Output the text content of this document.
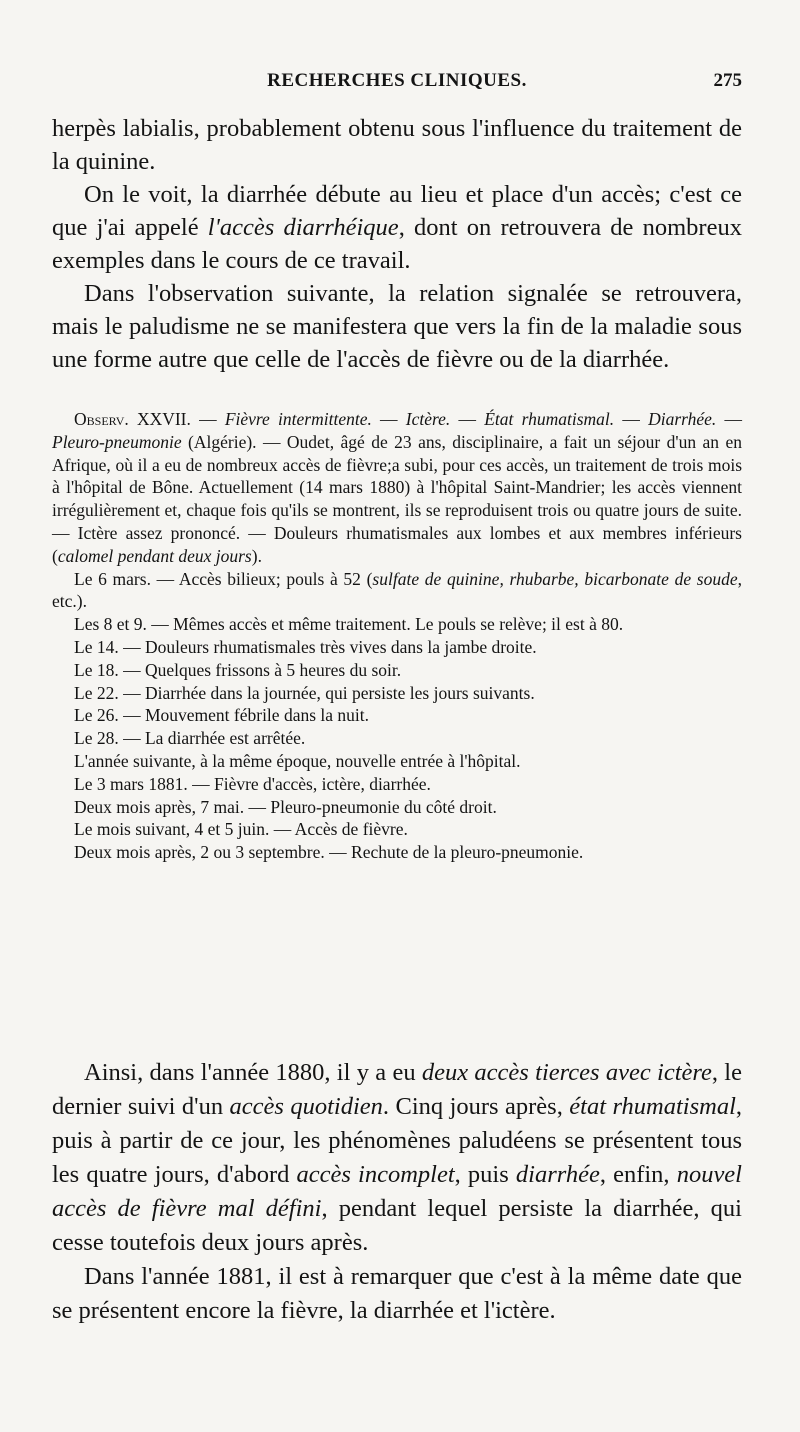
RECHERCHES CLINIQUES.	275

herpès labialis, probablement obtenu sous l'influence du traitement de la quinine.

On le voit, la diarrhée débute au lieu et place d'un accès; c'est ce que j'ai appelé l'accès diarrhéique, dont on retrouvera de nombreux exemples dans le cours de ce travail.

Dans l'observation suivante, la relation signalée se retrouvera, mais le paludisme ne se manifestera que vers la fin de la maladie sous une forme autre que celle de l'accès de fièvre ou de la diarrhée.

Observ. XXVII. — Fièvre intermittente. — Ictère. — État rhumatismal. — Diarrhée. — Pleuro-pneumonie (Algérie). — Oudet, âgé de 23 ans, disciplinaire, a fait un séjour d'un an en Afrique, où il a eu de nombreux accès de fièvre;a subi, pour ces accès, un traitement de trois mois à l'hôpital de Bône. Actuellement (14 mars 1880) à l'hôpital Saint-Mandrier; les accès viennent irrégulièrement et, chaque fois qu'ils se montrent, ils se reproduisent trois ou quatre jours de suite. — Ictère assez prononcé. — Douleurs rhumatismales aux lombes et aux membres inférieurs (calomel pendant deux jours).

Le 6 mars. — Accès bilieux; pouls à 52 (sulfate de quinine, rhubarbe, bicarbonate de soude, etc.).

Les 8 et 9. — Mêmes accès et même traitement. Le pouls se relève; il est à 80.

Le 14. — Douleurs rhumatismales très vives dans la jambe droite.

Le 18. — Quelques frissons à 5 heures du soir.

Le 22. — Diarrhée dans la journée, qui persiste les jours suivants.

Le 26. — Mouvement fébrile dans la nuit.

Le 28. — La diarrhée est arrêtée.

L'année suivante, à la même époque, nouvelle entrée à l'hôpital.

Le 3 mars 1881. — Fièvre d'accès, ictère, diarrhée.

Deux mois après, 7 mai. — Pleuro-pneumonie du côté droit.

Le mois suivant, 4 et 5 juin. — Accès de fièvre.

Deux mois après, 2 ou 3 septembre. — Rechute de la pleuro-pneumonie.

Ainsi, dans l'année 1880, il y a eu deux accès tierces avec ictère, le dernier suivi d'un accès quotidien. Cinq jours après, état rhumatismal, puis à partir de ce jour, les phénomènes paludéens se présentent tous les quatre jours, d'abord accès incomplet, puis diarrhée, enfin, nouvel accès de fièvre mal défini, pendant lequel persiste la diarrhée, qui cesse toutefois deux jours après.

Dans l'année 1881, il est à remarquer que c'est à la même date que se présentent encore la fièvre, la diarrhée et l'ictère.
